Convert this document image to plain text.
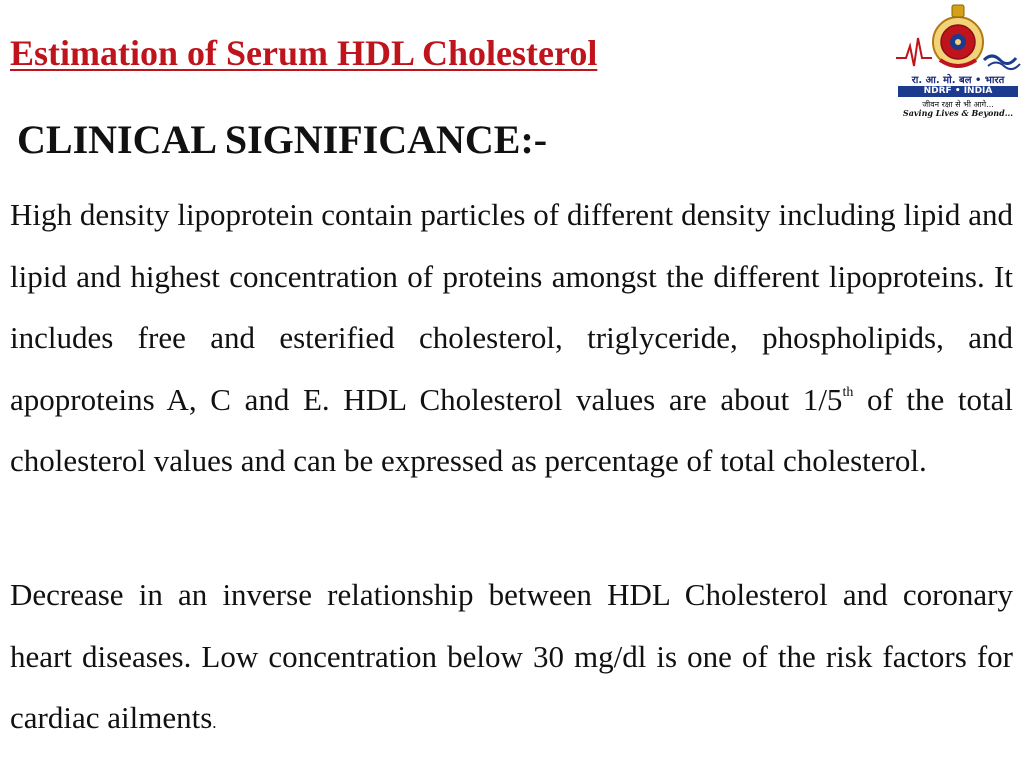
Estimation of Serum HDL Cholesterol
CLINICAL SIGNIFICANCE:-

High density lipoprotein contain particles of different density including lipid and lipid and highest concentration of proteins amongst the different lipoproteins. It includes free and esterified cholesterol, triglyceride, phospholipids, and apoproteins A, C and E. HDL Cholesterol values are about 1/5th of the total cholesterol values and can be expressed as percentage of total cholesterol.

Decrease in an inverse relationship between HDL Cholesterol and coronary heart diseases. Low concentration below 30 mg/dl is one of the risk factors for cardiac ailments.

रा. आ. मो. बल • भारत
NDRF • INDIA
जीवन रक्षा से भी आगे...
Saving Lives & Beyond...
